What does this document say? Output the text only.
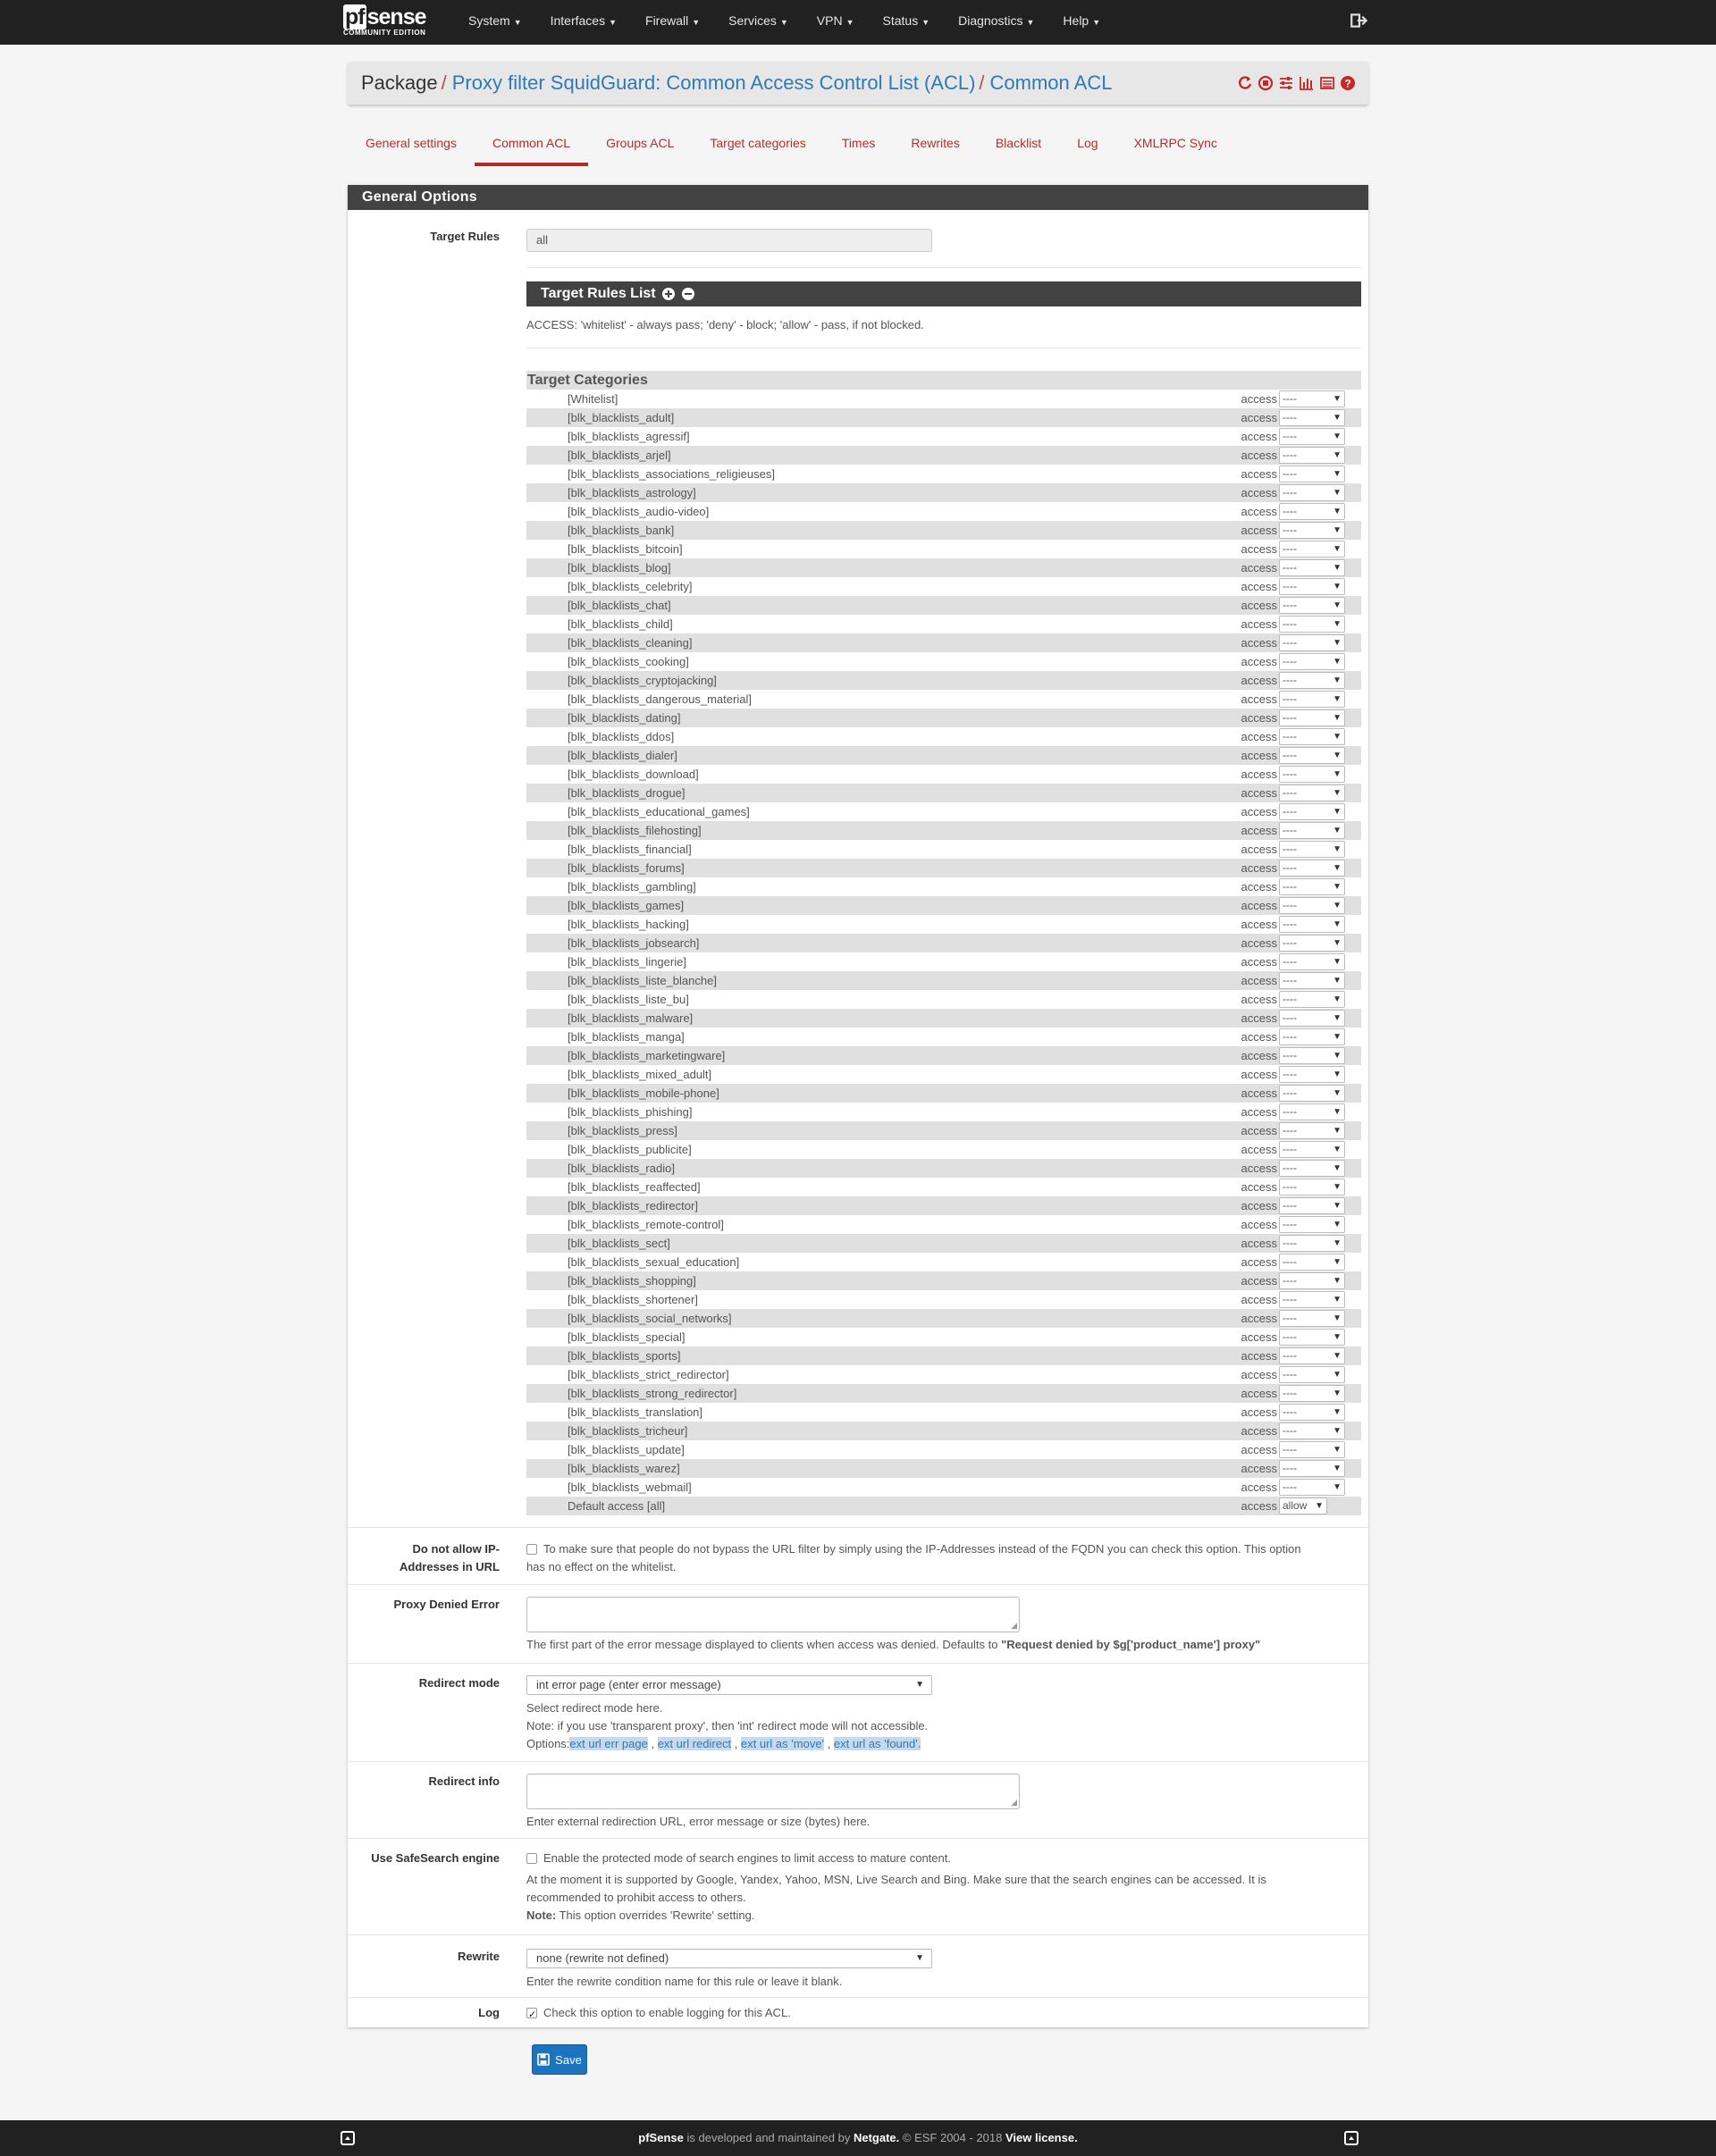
pf sense
COMMUNITY EDITION
System ▼	Interfaces ▼	Firewall ▼	Services ▼	VPN ▼	Status ▼	Diagnostics ▼	Help ▼
Package / Proxy filter SquidGuard: Common Access Control List (ACL) / Common ACL	?
General settings	Common ACL	Groups ACL	Target categories	Times	Rewrites	Blacklist	Log	XMLRPC Sync
General Options
Target Rules	all
Target Rules List
ACCESS: 'whitelist' - always pass; 'deny' - block; 'allow' - pass, if not blocked.
Target Categories
[Whitelist]	access ----	▼
[blk_blacklists_adult]	access ----	▼
[blk_blacklists_agressif]	access ----	▼
[blk_blacklists_arjel]	access ----	▼
[blk_blacklists_associations_religieuses]	access ----	▼
[blk_blacklists_astrology]	access ----	▼
[blk_blacklists_audio-video]	access ----	▼
[blk_blacklists_bank]	access ----	▼
[blk_blacklists_bitcoin]	access ----	▼
[blk_blacklists_blog]	access ----	▼
[blk_blacklists_celebrity]	access ----	▼
[blk_blacklists_chat]	access ----	▼
[blk_blacklists_child]	access ----	▼
[blk_blacklists_cleaning]	access ----	▼
[blk_blacklists_cooking]	access ----	▼
[blk_blacklists_cryptojacking]	access ----	▼
[blk_blacklists_dangerous_material]	access ----	▼
[blk_blacklists_dating]	access ----	▼
[blk_blacklists_ddos]	access ----	▼
[blk_blacklists_dialer]	access ----	▼
[blk_blacklists_download]	access ----	▼
[blk_blacklists_drogue]	access ----	▼
[blk_blacklists_educational_games]	access ----	▼
[blk_blacklists_filehosting]	access ----	▼
[blk_blacklists_financial]	access ----	▼
[blk_blacklists_forums]	access ----	▼
[blk_blacklists_gambling]	access ----	▼
[blk_blacklists_games]	access ----	▼
[blk_blacklists_hacking]	access ----	▼
[blk_blacklists_jobsearch]	access ----	▼
[blk_blacklists_lingerie]	access ----	▼
[blk_blacklists_liste_blanche]	access ----	▼
[blk_blacklists_liste_bu]	access ----	▼
[blk_blacklists_malware]	access ----	▼
[blk_blacklists_manga]	access ----	▼
[blk_blacklists_marketingware]	access ----	▼
[blk_blacklists_mixed_adult]	access ----	▼
[blk_blacklists_mobile-phone]	access ----	▼
[blk_blacklists_phishing]	access ----	▼
[blk_blacklists_press]	access ----	▼
[blk_blacklists_publicite]	access ----	▼
[blk_blacklists_radio]	access ----	▼
[blk_blacklists_reaffected]	access ----	▼
[blk_blacklists_redirector]	access ----	▼
[blk_blacklists_remote-control]	access ----	▼
[blk_blacklists_sect]	access ----	▼
[blk_blacklists_sexual_education]	access ----	▼
[blk_blacklists_shopping]	access ----	▼
[blk_blacklists_shortener]	access ----	▼
[blk_blacklists_social_networks]	access ----	▼
[blk_blacklists_special]	access ----	▼
[blk_blacklists_sports]	access ----	▼
[blk_blacklists_strict_redirector]	access ----	▼
[blk_blacklists_strong_redirector]	access ----	▼
[blk_blacklists_translation]	access ----	▼
[blk_blacklists_tricheur]	access ----	▼
[blk_blacklists_update]	access ----	▼
[blk_blacklists_warez]	access ----	▼
[blk_blacklists_webmail]	access ----	▼
Default access [all]	access allow ▼
Do not allow IP-
Addresses in URL
To make sure that people do not bypass the URL filter by simply using the IP-Addresses instead of the FQDN you can check this option. This option
has no effect on the whitelist.
Proxy Denied Error
◢
The first part of the error message displayed to clients when access was denied. Defaults to "Request denied by $g['product_name'] proxy"
Redirect mode	int error page (enter error message)	▼
Select redirect mode here.
Note: if you use 'transparent proxy', then 'int' redirect mode will not accessible.
Options:ext url err page , ext url redirect , ext url as 'move' , ext url as 'found'.
Redirect info
◢
Enter external redirection URL, error message or size (bytes) here.
Use SafeSearch engine	Enable the protected mode of search engines to limit access to mature content.
At the moment it is supported by Google, Yandex, Yahoo, MSN, Live Search and Bing. Make sure that the search engines can be accessed. It is
recommended to prohibit access to others.
Note: This option overrides 'Rewrite' setting.
Rewrite	none (rewrite not defined)	▼
Enter the rewrite condition name for this rule or leave it blank.
Log
✓	Check this option to enable logging for this ACL.
Save
pfSense is developed and maintained by Netgate. © ESF 2004 - 2018 View license.
